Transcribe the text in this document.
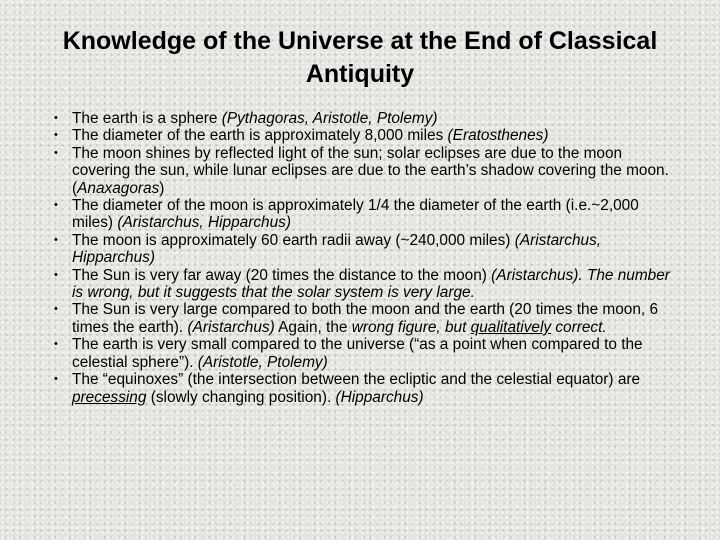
Knowledge of the Universe at the End of Classical Antiquity
• The earth is a sphere (Pythagoras, Aristotle, Ptolemy)
• The diameter of the earth is approximately 8,000 miles (Eratosthenes)
• The moon shines by reflected light of the sun; solar eclipses are due to the moon covering the sun, while lunar eclipses are due to the earth’s shadow covering the moon. (Anaxagoras)
• The diameter of the moon is approximately 1/4 the diameter of the earth (i.e.~2,000 miles) (Aristarchus, Hipparchus)
• The moon is approximately 60 earth radii away (~240,000 miles) (Aristarchus, Hipparchus)
• The Sun is very far away (20 times the distance to the moon) (Aristarchus). The number is wrong, but it suggests that the solar system is very large.
• The Sun is very large compared to both the moon and the earth (20 times the moon, 6 times the earth). (Aristarchus) Again, the wrong figure, but qualitatively correct.
• The earth is very small compared to the universe (“as a point when compared to the celestial sphere”). (Aristotle, Ptolemy)
• The “equinoxes” (the intersection between the ecliptic and the celestial equator) are precessing (slowly changing position). (Hipparchus)
